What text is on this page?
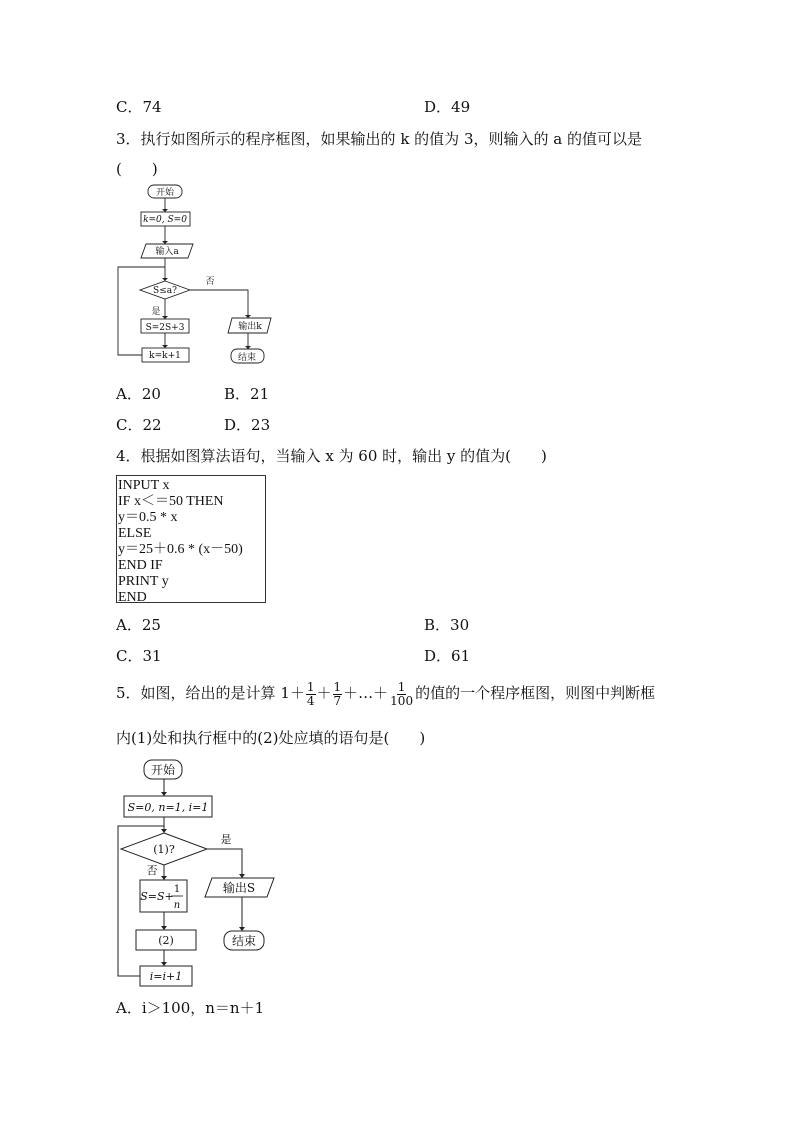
C．74	D．49
3．执行如图所示的程序框图，如果输出的 k 的值为 3，则输入的 a 的值可以是
(　　)
开始
k=0, S=0
输入a
S≤a?
S=2S+3
k=k+1
输出k
结束
否
是
A．20	B．21
C．22	D．23
4．根据如图算法语句，当输入 x 为 60 时，输出 y 的值为(　　)
INPUT x
IF x＜＝50 THEN
y＝0.5 * x
ELSE
y＝25＋0.6 * (x－50)
END IF
PRINT y
END
A．25	B．30
C．31	D．61
5．如图，给出的是计算 $1+ \frac{1}{4} + \frac{1}{7}$ ＋…＋ $\frac{1}{100}$ 的值的一个程序框图，则图中判断框
内(1)处和执行框中的(2)处应填的语句是(　　)
开始
S=0, n=1, i=1
(1)?
S=S+
1
n
(2)
i=i+1
输出S
结束
否
是
A．i＞100，n＝n＋1
